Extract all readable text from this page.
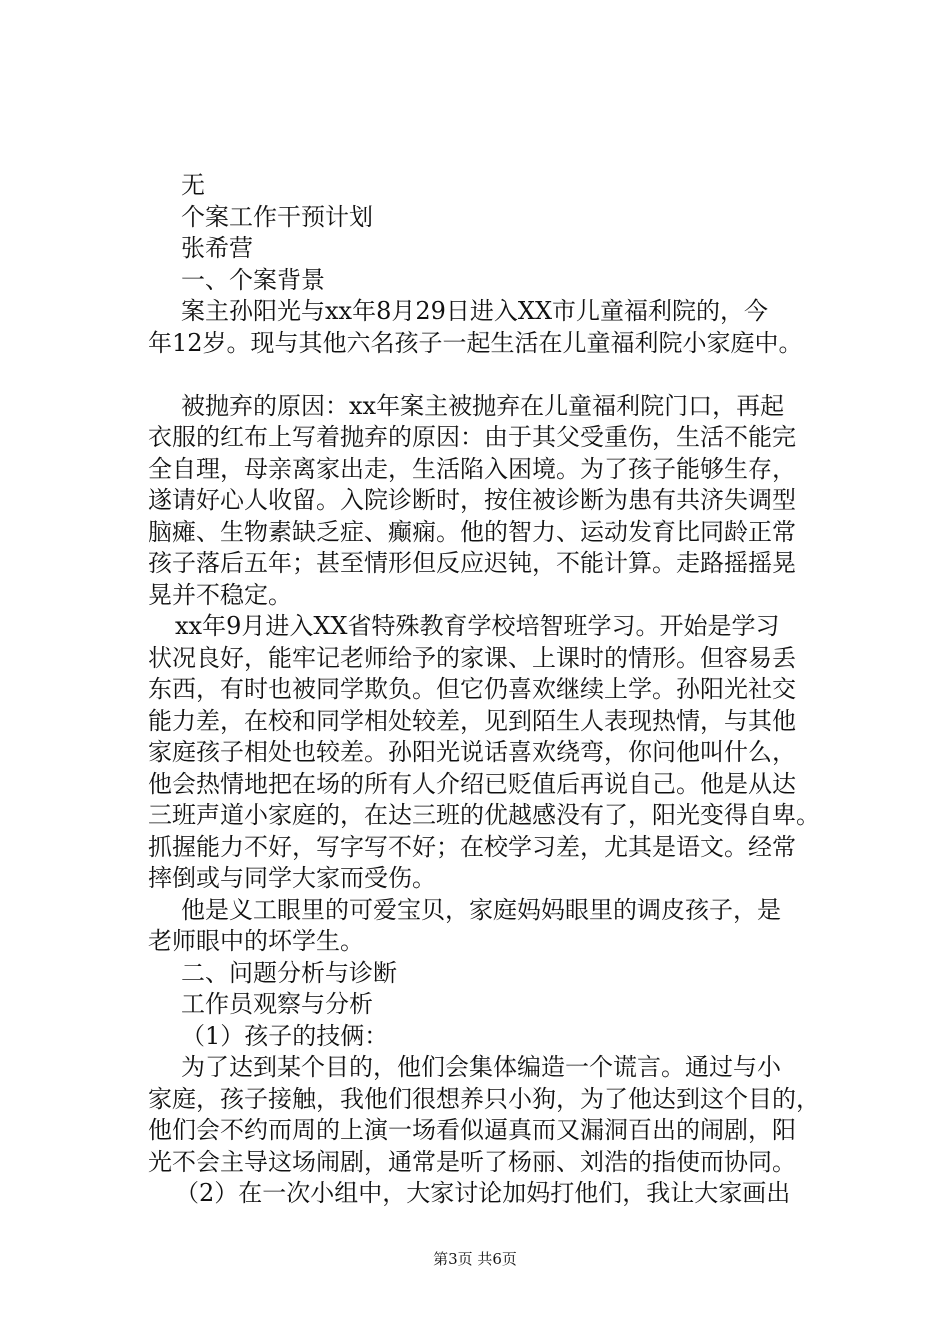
无
个案工作干预计划
张希营
一、个案背景
案主孙阳光与xx年8月29日进入XX市儿童福利院的，今
年12岁。现与其他六名孩子一起生活在儿童福利院小家庭中。
被抛弃的原因：xx年案主被抛弃在儿童福利院门口，再起
衣服的红布上写着抛弃的原因：由于其父受重伤，生活不能完
全自理，母亲离家出走，生活陷入困境。为了孩子能够生存，
遂请好心人收留。入院诊断时，按住被诊断为患有共济失调型
脑瘫、生物素缺乏症、癫痫。他的智力、运动发育比同龄正常
孩子落后五年；甚至情形但反应迟钝，不能计算。走路摇摇晃
晃并不稳定。
xx年9月进入XX省特殊教育学校培智班学习。开始是学习
状况良好，能牢记老师给予的家课、上课时的情形。但容易丢
东西，有时也被同学欺负。但它仍喜欢继续上学。孙阳光社交
能力差，在校和同学相处较差，见到陌生人表现热情，与其他
家庭孩子相处也较差。孙阳光说话喜欢绕弯，你问他叫什么，
他会热情地把在场的所有人介绍已贬值后再说自己。他是从达
三班声道小家庭的，在达三班的优越感没有了，阳光变得自卑。
抓握能力不好，写字写不好；在校学习差，尤其是语文。经常
摔倒或与同学大家而受伤。
他是义工眼里的可爱宝贝，家庭妈妈眼里的调皮孩子，是
老师眼中的坏学生。
二、问题分析与诊断
工作员观察与分析
（1）孩子的技俩：
为了达到某个目的，他们会集体编造一个谎言。通过与小
家庭，孩子接触，我他们很想养只小狗，为了他达到这个目的，
他们会不约而周的上演一场看似逼真而又漏洞百出的闹剧，阳
光不会主导这场闹剧，通常是听了杨丽、刘浩的指使而协同。
（2）在一次小组中，大家讨论加妈打他们，我让大家画出
第3页 共6页
